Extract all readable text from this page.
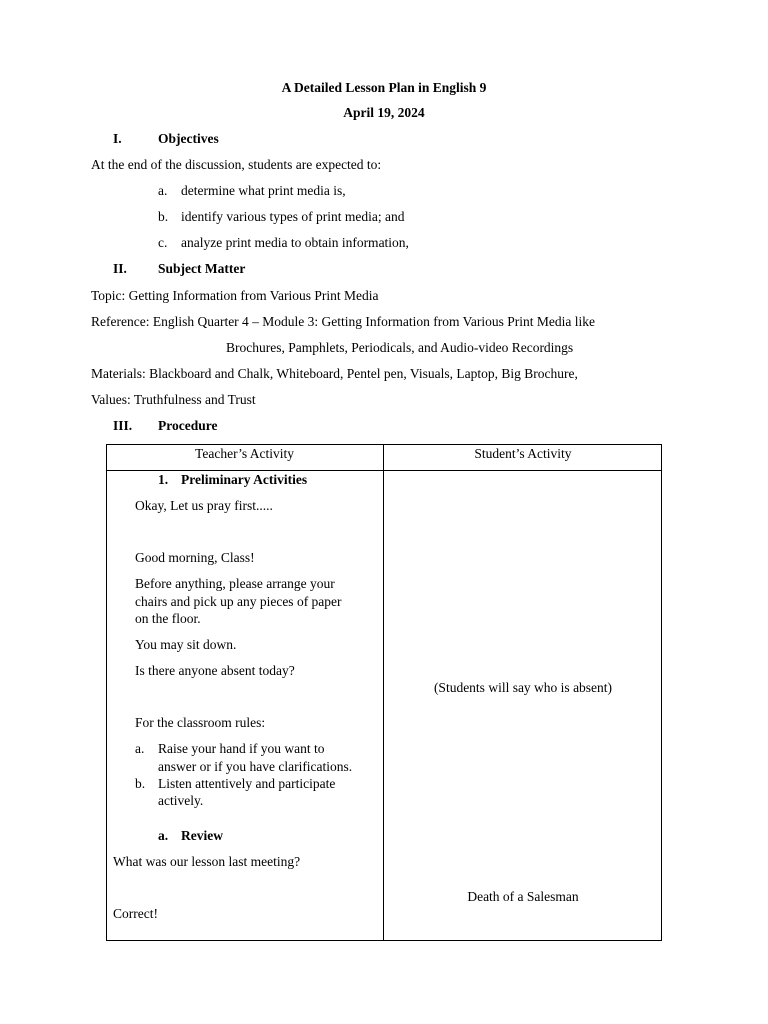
A Detailed Lesson Plan in English 9
April 19, 2024
I.	Objectives
At the end of the discussion, students are expected to:
a. determine what print media is,
b. identify various types of print media; and
c. analyze print media to obtain information,
II. Subject Matter
Topic: Getting Information from Various Print Media
Reference: English Quarter 4 – Module 3: Getting Information from Various Print Media like
Brochures, Pamphlets, Periodicals, and Audio-video Recordings
Materials: Blackboard and Chalk, Whiteboard, Pentel pen, Visuals, Laptop, Big Brochure,
Values: Truthfulness and Trust
III. Procedure
Teacher’s Activity	Student’s Activity
1. Preliminary Activities
Okay, Let us pray first.....
Good morning, Class!
Before anything, please arrange your
chairs and pick up any pieces of paper
on the floor.
You may sit down.
Is there anyone absent today?
For the classroom rules:
a. Raise your hand if you want to
answer or if you have clarifications.
b. Listen attentively and participate
actively.
a. Review
What was our lesson last meeting?
Correct!
(Students will say who is absent)
Death of a Salesman
